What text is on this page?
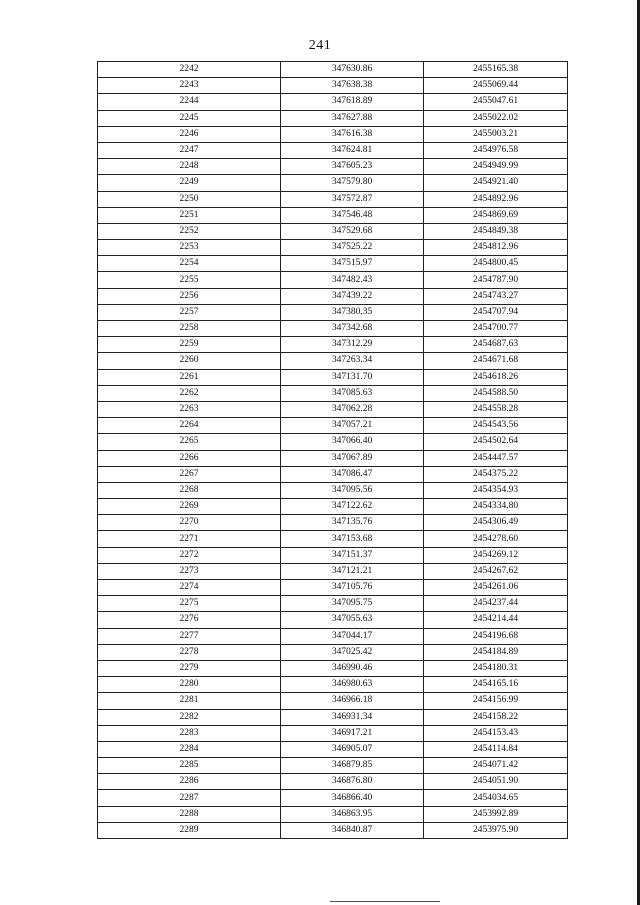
241
2242	347630.86	2455165.38
2243	347638.38	2455069.44
2244	347618.89	2455047.61
2245	347627.88	2455022.02
2246	347616.38	2455003.21
2247	347624.81	2454976.58
2248	347605.23	2454949.99
2249	347579.80	2454921.40
2250	347572.87	2454892.96
2251	347546.48	2454869.69
2252	347529.68	2454849.38
2253	347525.22	2454812.96
2254	347515.97	2454800.45
2255	347482.43	2454787.90
2256	347439.22	2454743.27
2257	347380.35	2454707.94
2258	347342.68	2454700.77
2259	347312.29	2454687.63
2260	347263.34	2454671.68
2261	347131.70	2454618.26
2262	347085.63	2454588.50
2263	347062.28	2454558.28
2264	347057.21	2454543.56
2265	347066.40	2454502.64
2266	347067.89	2454447.57
2267	347086.47	2454375.22
2268	347095.56	2454354.93
2269	347122.62	2454334.80
2270	347135.76	2454306.49
2271	347153.68	2454278.60
2272	347151.37	2454269.12
2273	347121.21	2454267.62
2274	347105.76	2454261.06
2275	347095.75	2454237.44
2276	347055.63	2454214.44
2277	347044.17	2454196.68
2278	347025.42	2454184.89
2279	346990.46	2454180.31
2280	346980.63	2454165.16
2281	346966.18	2454156.99
2282	346931.34	2454158.22
2283	346917.21	2454153.43
2284	346905.07	2454114.84
2285	346879.85	2454071.42
2286	346876.80	2454051.90
2287	346866.40	2454034.65
2288	346863.95	2453992.89
2289	346840.87	2453975.90
